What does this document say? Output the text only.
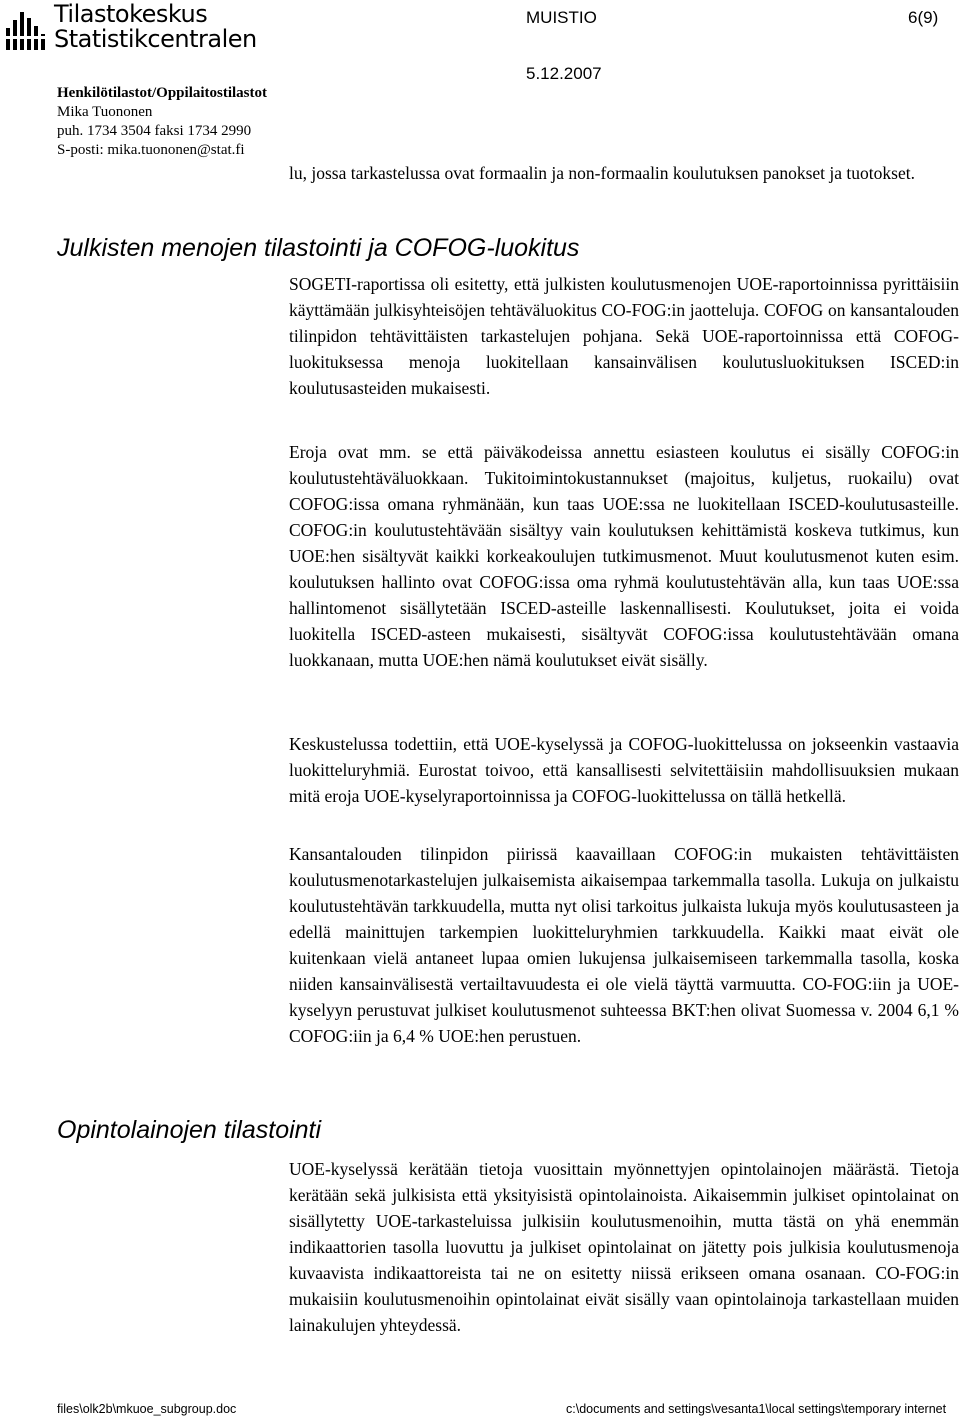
Tilastokeskus
Statistikcentralen
MUISTIO	6(9)
5.12.2007
Henkilötilastot/Oppilaitostilastot
Mika Tuononen
puh. 1734 3504 faksi 1734 2990
S-posti: mika.tuononen@stat.fi

lu, jossa tarkastelussa ovat formaalin ja non-formaalin koulutuksen panokset ja tuotokset.

Julkisten menojen tilastointi ja COFOG-luokitus

SOGETI-raportissa oli esitetty, että julkisten koulutusmenojen UOE-raportoinnissa pyrittäisiin käyttämään julkisyhteisöjen tehtäväluokitus CO-FOG:in jaotteluja. COFOG on kansantalouden tilinpidon tehtävittäisten tarkastelujen pohjana. Sekä UOE-raportoinnissa että COFOG-luokituksessa menoja luokitellaan kansainvälisen koulutusluokituksen ISCED:in koulutusasteiden mukaisesti.

Eroja ovat mm. se että päiväkodeissa annettu esiasteen koulutus ei sisälly COFOG:in koulutustehtäväluokkaan. Tukitoimintokustannukset (majoitus, kuljetus, ruokailu) ovat COFOG:issa omana ryhmänään, kun taas UOE:ssa ne luokitellaan ISCED-koulutusasteille. COFOG:in koulutustehtävään sisältyy vain koulutuksen kehittämistä koskeva tutkimus, kun UOE:hen sisältyvät kaikki korkeakoulujen tutkimusmenot. Muut koulutusmenot kuten esim. koulutuksen hallinto ovat COFOG:issa oma ryhmä koulutustehtävän alla, kun taas UOE:ssa hallintomenot sisällytetään ISCED-asteille laskennallisesti. Koulutukset, joita ei voida luokitella ISCED-asteen mukaisesti, sisältyvät COFOG:issa koulutustehtävään omana luokkanaan, mutta UOE:hen nämä koulutukset eivät sisälly.

Keskustelussa todettiin, että UOE-kyselyssä ja COFOG-luokittelussa on jokseenkin vastaavia luokitteluryhmiä. Eurostat toivoo, että kansallisesti selvitettäisiin mahdollisuuksien mukaan mitä eroja UOE-kyselyraportoinnissa ja COFOG-luokittelussa on tällä hetkellä.

Kansantalouden tilinpidon piirissä kaavaillaan COFOG:in mukaisten tehtävittäisten koulutusmenotarkastelujen julkaisemista aikaisempaa tarkemmalla tasolla. Lukuja on julkaistu koulutustehtävän tarkkuudella, mutta nyt olisi tarkoitus julkaista lukuja myös koulutusasteen ja edellä mainittujen tarkempien luokitteluryhmien tarkkuudella. Kaikki maat eivät ole kuitenkaan vielä antaneet lupaa omien lukujensa julkaisemiseen tarkemmalla tasolla, koska niiden kansainvälisestä vertailtavuudesta ei ole vielä täyttä varmuutta. CO-FOG:iin ja UOE-kyselyyn perustuvat julkiset koulutusmenot suhteessa BKT:hen olivat Suomessa v. 2004 6,1 % COFOG:iin ja 6,4 % UOE:hen perustuen.

Opintolainojen tilastointi

UOE-kyselyssä kerätään tietoja vuosittain myönnettyjen opintolainojen määrästä. Tietoja kerätään sekä julkisista että yksityisistä opintolainoista. Aikaisemmin julkiset opintolainat on sisällytetty UOE-tarkasteluissa julkisiin koulutusmenoihin, mutta tästä on yhä enemmän indikaattorien tasolla luovuttu ja julkiset opintolainat on jätetty pois julkisia koulutusmenoja kuvaavista indikaattoreista tai ne on esitetty niissä erikseen omana osanaan. CO-FOG:in mukaisiin koulutusmenoihin opintolainat eivät sisälly vaan opintolainoja tarkastellaan muiden lainakulujen yhteydessä.

files\olk2b\mkuoe_subgroup.doc	c:\documents and settings\vesanta1\local settings\temporary internet
